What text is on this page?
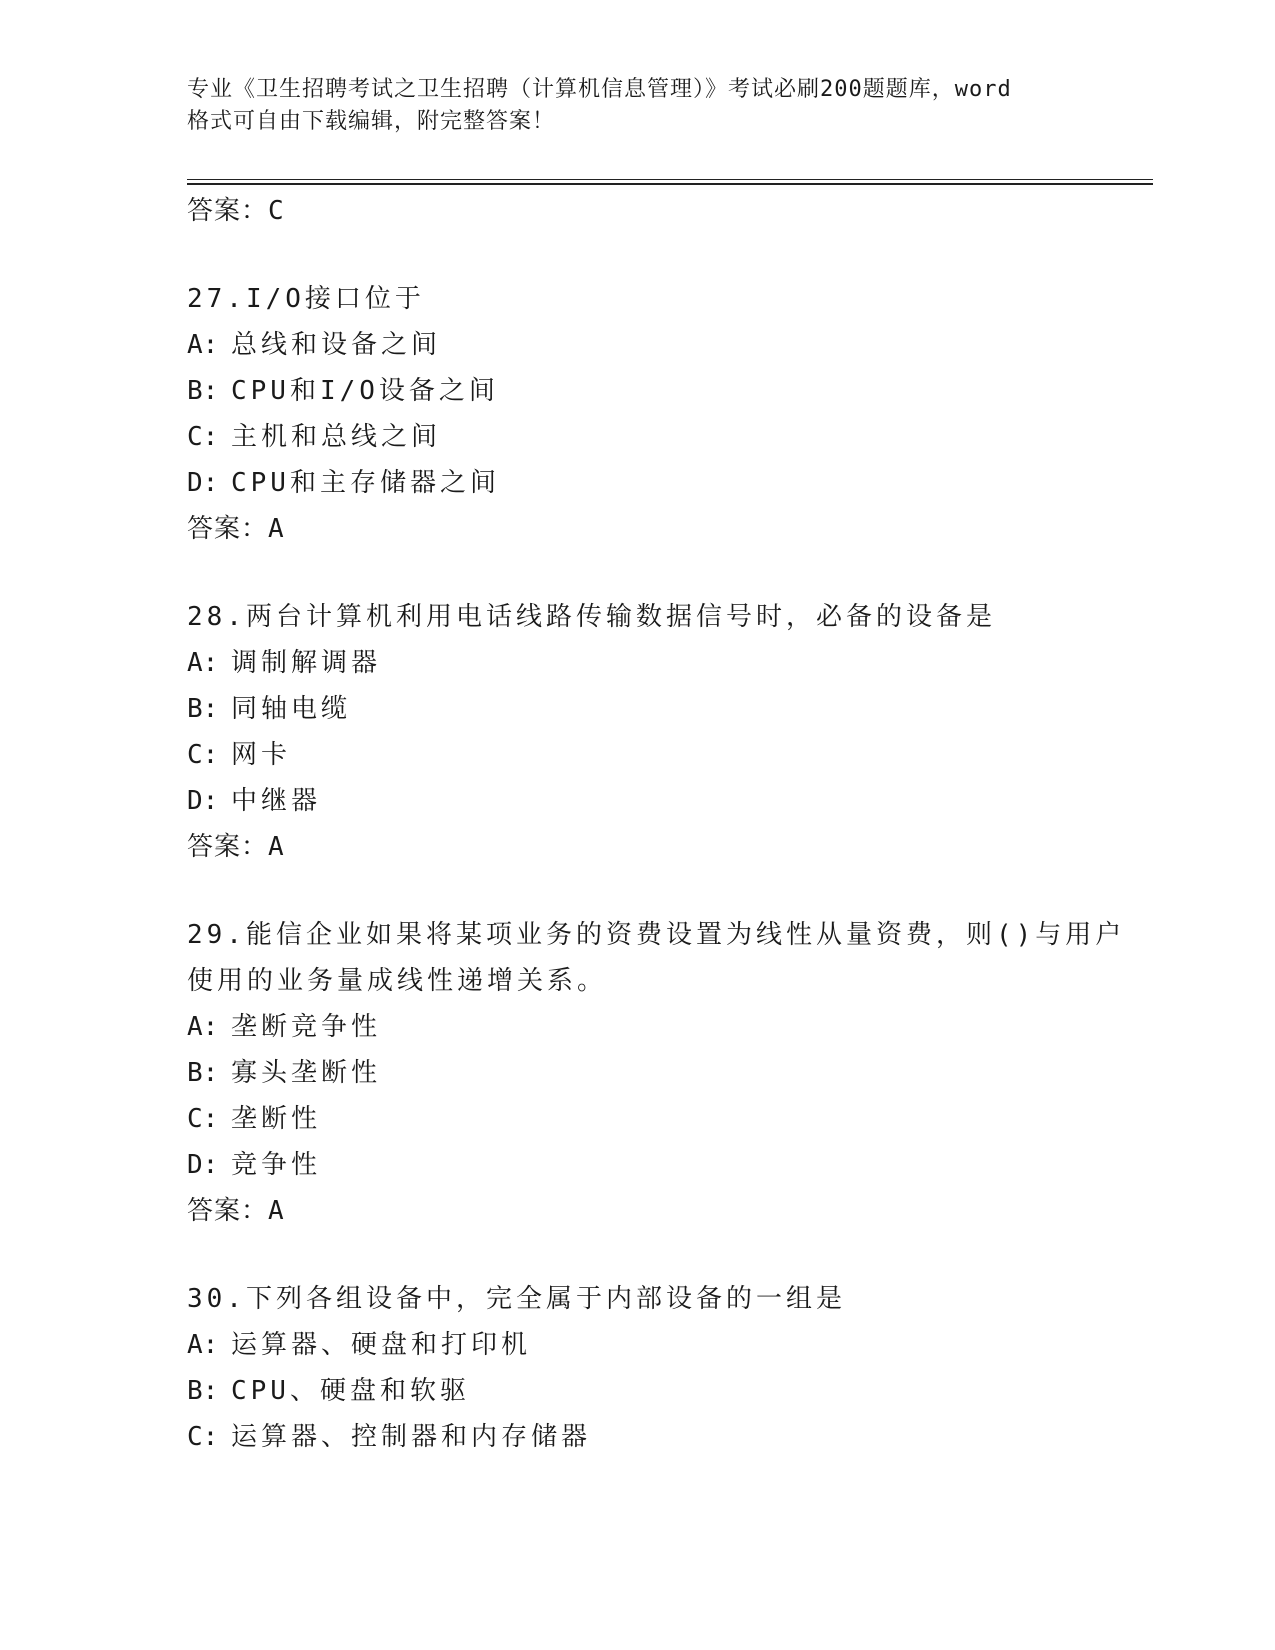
专业《卫生招聘考试之卫生招聘（计算机信息管理）》考试必刷200题题库，word
格式可自由下载编辑，附完整答案！

答案：C

27.I/O接口位于

A: 总线和设备之间

B: CPU和I/O设备之间

C: 主机和总线之间

D: CPU和主存储器之间

答案：A

28.两台计算机利用电话线路传输数据信号时，必备的设备是

A: 调制解调器

B: 同轴电缆

C: 网卡

D: 中继器

答案：A

29.能信企业如果将某项业务的资费设置为线性从量资费，则()与用户

使用的业务量成线性递增关系。

A: 垄断竞争性

B: 寡头垄断性

C: 垄断性

D: 竞争性

答案：A

30.下列各组设备中，完全属于内部设备的一组是

A: 运算器、硬盘和打印机

B: CPU、硬盘和软驱

C: 运算器、控制器和内存储器
